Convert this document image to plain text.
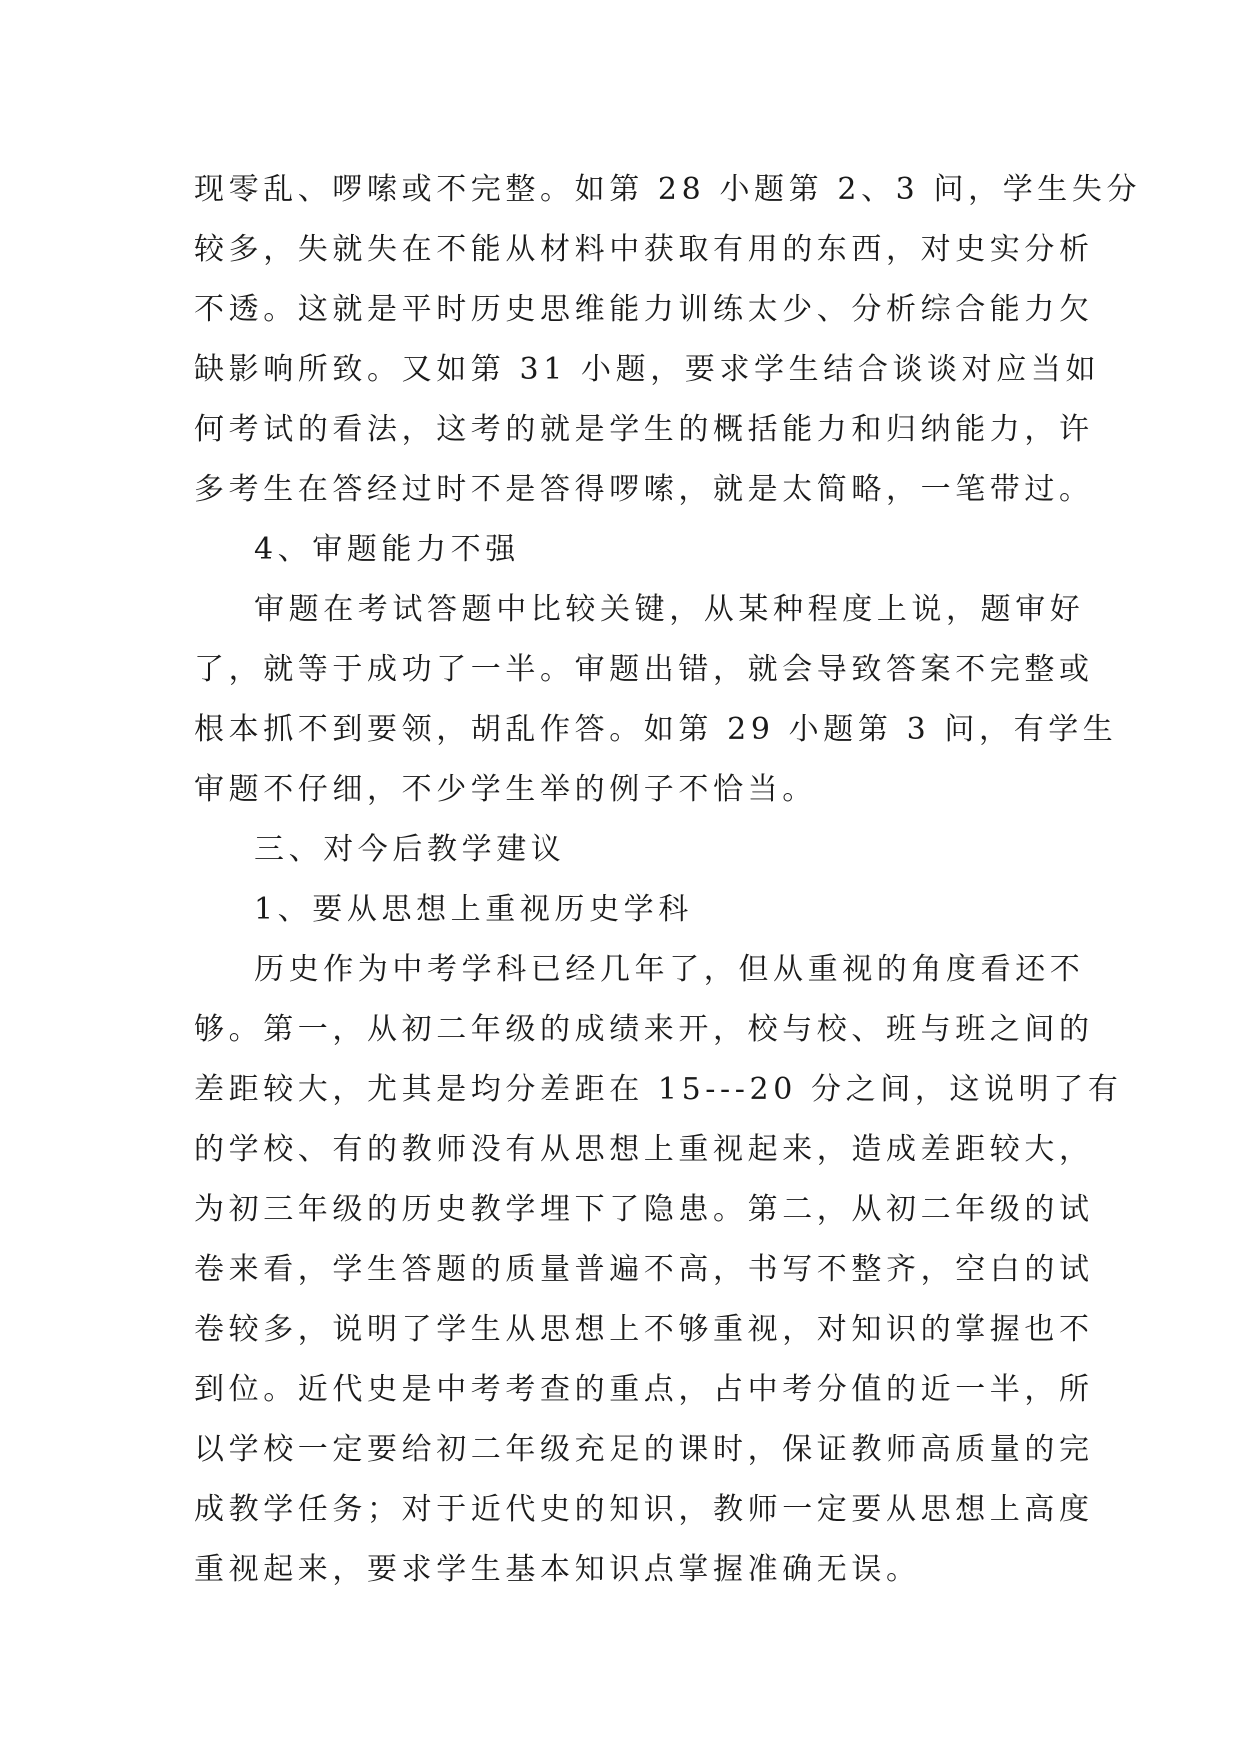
现零乱、啰嗦或不完整。如第 28 小题第 2、3 问，学生失分
较多，失就失在不能从材料中获取有用的东西，对史实分析
不透。这就是平时历史思维能力训练太少、分析综合能力欠
缺影响所致。又如第 31 小题，要求学生结合谈谈对应当如
何考试的看法，这考的就是学生的概括能力和归纳能力，许
多考生在答经过时不是答得啰嗦，就是太简略，一笔带过。
4、审题能力不强
审题在考试答题中比较关键，从某种程度上说，题审好
了，就等于成功了一半。审题出错，就会导致答案不完整或
根本抓不到要领，胡乱作答。如第 29 小题第 3 问，有学生
审题不仔细，不少学生举的例子不恰当。
三、对今后教学建议
1、要从思想上重视历史学科
历史作为中考学科已经几年了，但从重视的角度看还不
够。第一，从初二年级的成绩来开，校与校、班与班之间的
差距较大，尤其是均分差距在 15---20 分之间，这说明了有
的学校、有的教师没有从思想上重视起来，造成差距较大，
为初三年级的历史教学埋下了隐患。第二，从初二年级的试
卷来看，学生答题的质量普遍不高，书写不整齐，空白的试
卷较多，说明了学生从思想上不够重视，对知识的掌握也不
到位。近代史是中考考查的重点，占中考分值的近一半，所
以学校一定要给初二年级充足的课时，保证教师高质量的完
成教学任务；对于近代史的知识，教师一定要从思想上高度
重视起来，要求学生基本知识点掌握准确无误。
